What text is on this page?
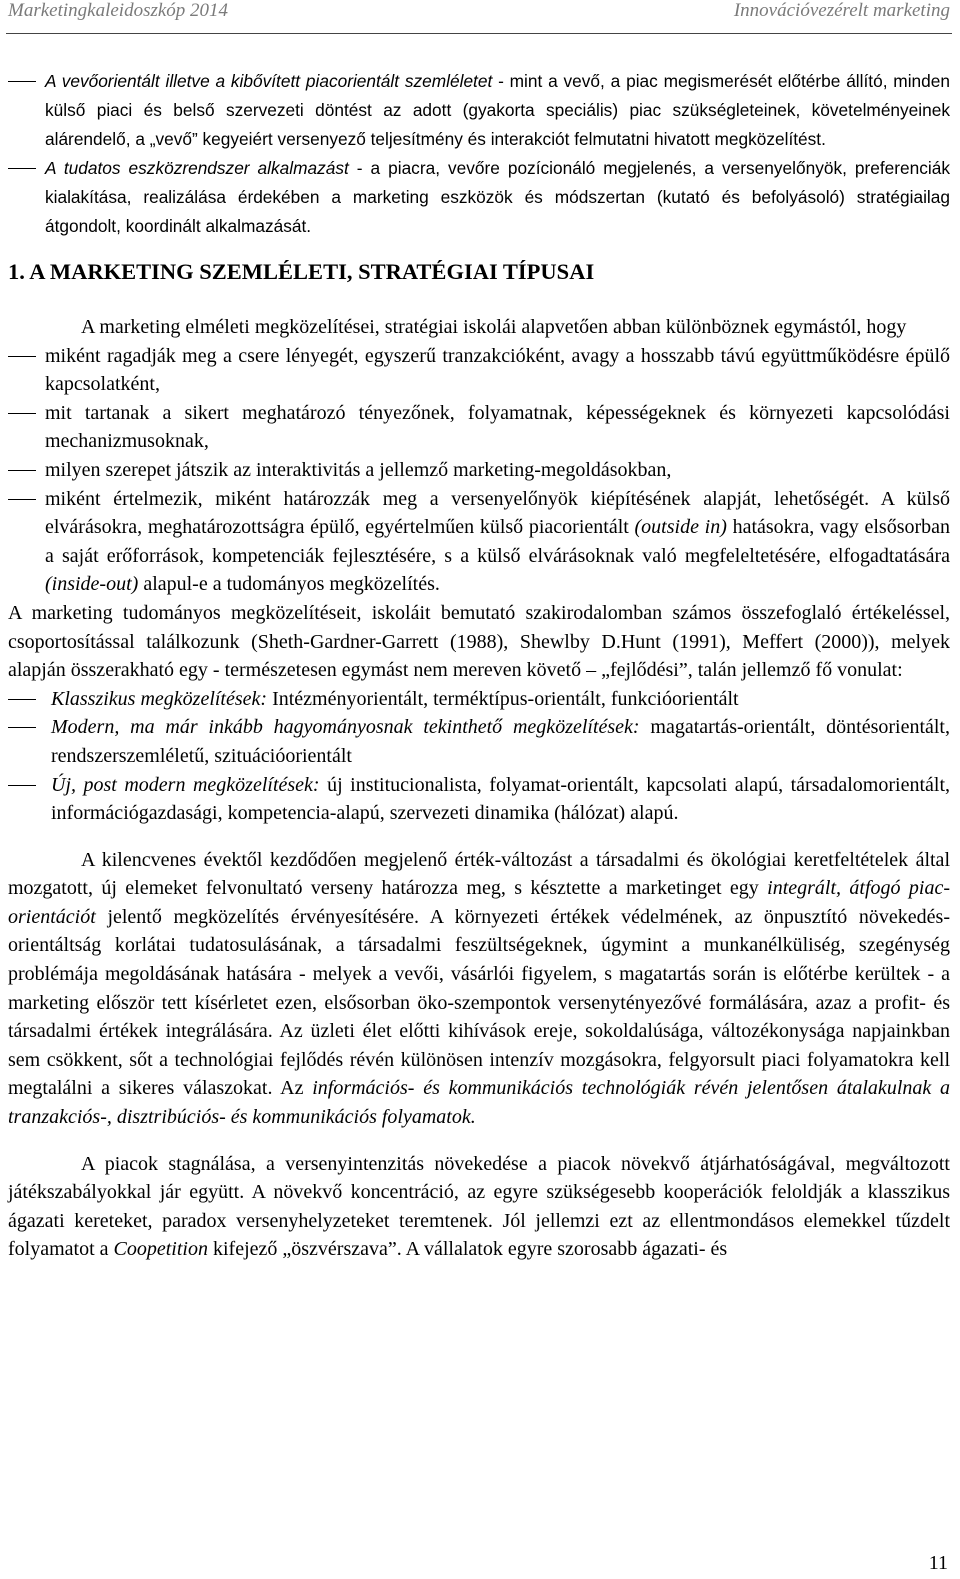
Marketingkaleidoszkóp 2014	Innovációvezérelt marketing

A vevőorientált illetve a kibővített piacorientált szemléletet - mint a vevő, a piac megismerését előtérbe állító, minden külső piaci és belső szervezeti döntést az adott (gyakorta speciális) piac szükségleteinek, követelményeinek alárendelő, a „vevő” kegyeiért versenyező teljesítmény és interakciót felmutatni hivatott megközelítést.

A tudatos eszközrendszer alkalmazást - a piacra, vevőre pozícionáló megjelenés, a versenyelőnyök, preferenciák kialakítása, realizálása érdekében a marketing eszközök és módszertan (kutató és befolyásoló) stratégiailag átgondolt, koordinált alkalmazását.

1. A MARKETING SZEMLÉLETI, STRATÉGIAI TÍPUSAI

A marketing elméleti megközelítései, stratégiai iskolái alapvetően abban különböznek egymástól, hogy

miként ragadják meg a csere lényegét, egyszerű tranzakcióként, avagy a hosszabb távú együttműködésre épülő kapcsolatként,

mit tartanak a sikert meghatározó tényezőnek, folyamatnak, képességeknek és környezeti kapcsolódási mechanizmusoknak,

milyen szerepet játszik az interaktivitás a jellemző marketing-megoldásokban,

miként értelmezik, miként határozzák meg a versenyelőnyök kiépítésének alapját, lehetőségét. A külső elvárásokra, meghatározottságra épülő, egyértelműen külső piacorientált (outside in) hatásokra, vagy elsősorban a saját erőforrások, kompetenciák fejlesztésére, s a külső elvárásoknak való megfeleltetésére, elfogadtatására (inside-out) alapul-e a tudományos megközelítés.

A marketing tudományos megközelítéseit, iskoláit bemutató szakirodalomban számos összefoglaló értékeléssel, csoportosítással találkozunk (Sheth-Gardner-Garrett (1988), Shewlby D.Hunt (1991), Meffert (2000)), melyek alapján összerakható egy - természetesen egymást nem mereven követő – „fejlődési”, talán jellemző fő vonulat:

Klasszikus megközelítések: Intézményorientált, terméktípus-orientált, funkcióorientált

Modern, ma már inkább hagyományosnak tekinthető megközelítések: magatartás-orientált, döntésorientált, rendszerszemléletű, szituációorientált

Új, post modern megközelítések: új institucionalista, folyamat-orientált, kapcsolati alapú, társadalomorientált, információgazdasági, kompetencia-alapú, szervezeti dinamika (hálózat) alapú.

A kilencvenes évektől kezdődően megjelenő érték-változást a társadalmi és ökológiai keretfeltételek által mozgatott, új elemeket felvonultató verseny határozza meg, s késztette a marketinget egy integrált, átfogó piac-orientációt jelentő megközelítés érvényesítésére. A környezeti értékek védelmének, az önpusztító növekedés-orientáltság korlátai tudatosulásának, a társadalmi feszültségeknek, úgymint a munkanélküliség, szegénység problémája megoldásának hatására - melyek a vevői, vásárlói figyelem, s magatartás során is előtérbe kerültek - a marketing először tett kísérletet ezen, elsősorban öko-szempontok versenytényezővé formálására, azaz a profit- és társadalmi értékek integrálására. Az üzleti élet előtti kihívások ereje, sokoldalúsága, változékonysága napjainkban sem csökkent, sőt a technológiai fejlődés révén különösen intenzív mozgásokra, felgyorsult piaci folyamatokra kell megtalálni a sikeres válaszokat. Az információs- és kommunikációs technológiák révén jelentősen átalakulnak a tranzakciós-, disztribúciós- és kommunikációs folyamatok.

A piacok stagnálása, a versenyintenzitás növekedése a piacok növekvő átjárhatóságával, megváltozott játékszabályokkal jár együtt. A növekvő koncentráció, az egyre szükségesebb kooperációk feloldják a klasszikus ágazati kereteket, paradox versenyhelyzeteket teremtenek. Jól jellemzi ezt az ellentmondásos elemekkel tűzdelt folyamatot a Coopetition kifejező „öszvérszava”. A vállalatok egyre szorosabb ágazati- és

11
